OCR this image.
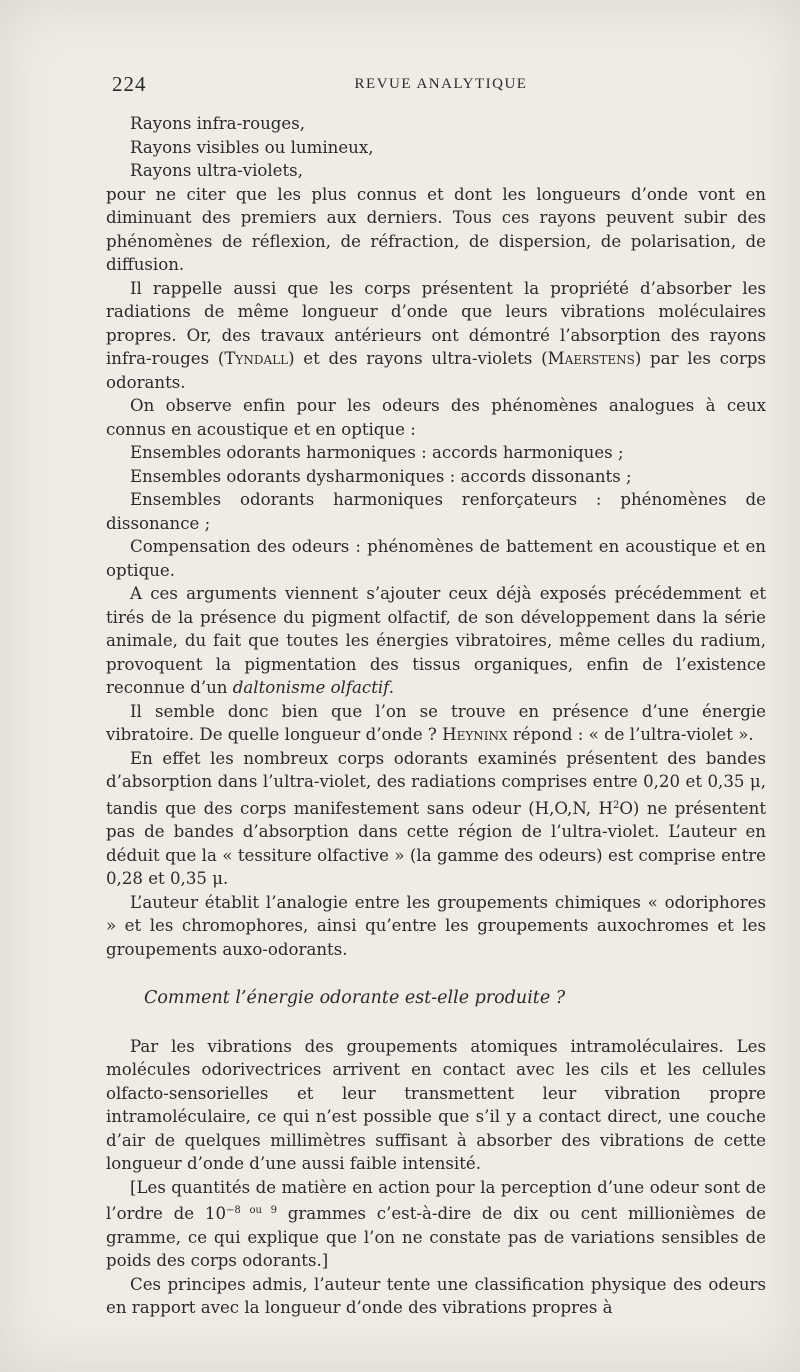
224	REVUE ANALYTIQUE

Rayons infra-rouges,

Rayons visibles ou lumineux,

Rayons ultra-violets,

pour ne citer que les plus connus et dont les longueurs d’onde vont en diminuant des premiers aux derniers. Tous ces rayons peuvent subir des phénomènes de réflexion, de réfraction, de dispersion, de polarisation, de diffusion.

Il rappelle aussi que les corps présentent la propriété d’absorber les radiations de même longueur d’onde que leurs vibrations moléculaires propres. Or, des travaux antérieurs ont démontré l’absorption des rayons infra-rouges (Tyndall) et des rayons ultra-violets (Maerstens) par les corps odorants.

On observe enfin pour les odeurs des phénomènes analogues à ceux connus en acoustique et en optique :

Ensembles odorants harmoniques : accords harmoniques ;

Ensembles odorants dysharmoniques : accords dissonants ;

Ensembles odorants harmoniques renforçateurs : phénomènes de dissonance ;

Compensation des odeurs : phénomènes de battement en acoustique et en optique.

A ces arguments viennent s’ajouter ceux déjà exposés précédemment et tirés de la présence du pigment olfactif, de son développement dans la série animale, du fait que toutes les énergies vibratoires, même celles du radium, provoquent la pigmentation des tissus organiques, enfin de l’existence reconnue d’un daltonisme olfactif.

Il semble donc bien que l’on se trouve en présence d’une énergie vibratoire. De quelle longueur d’onde ? Heyninx répond : « de l’ultra-violet ».

En effet les nombreux corps odorants examinés présentent des bandes d’absorption dans l’ultra-violet, des radiations comprises entre 0,20 et 0,35 μ, tandis que des corps manifestement sans odeur (H,O,N, $H^2O$) ne présentent pas de bandes d’absorption dans cette région de l’ultra-violet. L’auteur en déduit que la « tessiture olfactive » (la gamme des odeurs) est comprise entre 0,28 et 0,35 μ.

L’auteur établit l’analogie entre les groupements chimiques « odoriphores » et les chromophores, ainsi qu’entre les groupements auxochromes et les groupements auxo-odorants.

Comment l’énergie odorante est-elle produite ?

Par les vibrations des groupements atomiques intramoléculaires. Les molécules odorivectrices arrivent en contact avec les cils et les cellules olfacto-sensorielles et leur transmettent leur vibration propre intramoléculaire, ce qui n’est possible que s’il y a contact direct, une couche d’air de quelques millimètres suffisant à absorber des vibrations de cette longueur d’onde d’une aussi faible intensité.

[Les quantités de matière en action pour la perception d’une odeur sont de l’ordre de $10^{-8 ou 9}$ grammes c’est-à-dire de dix ou cent millionièmes de gramme, ce qui explique que l’on ne constate pas de variations sensibles de poids des corps odorants.]

Ces principes admis, l’auteur tente une classification physique des odeurs en rapport avec la longueur d’onde des vibrations propres à
